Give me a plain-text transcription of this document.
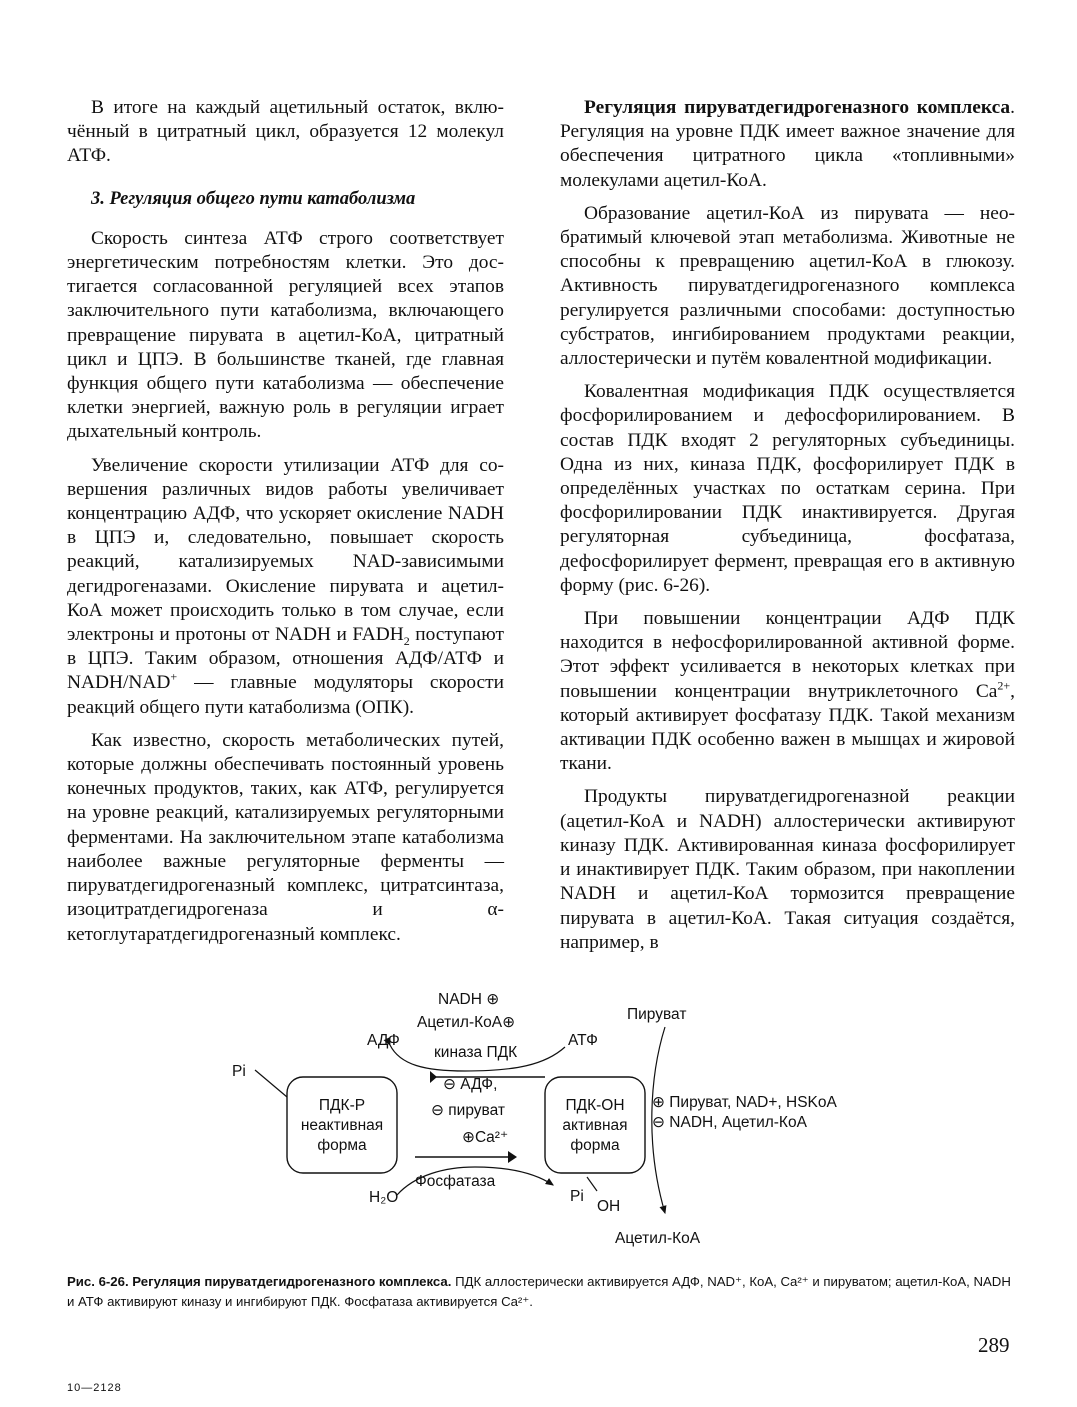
В итоге на каждый ацетильный остаток, включённый в цитратный цикл, образуется 12 молекул АТФ.

3. Регуляция общего пути катаболизма

Скорость синтеза АТФ строго соответствует энергетическим потребностям клетки. Это достигается согласованной регуляцией всех этапов заключительного пути катаболизма, включающего превращение пирувата в ацетил-КоА, цитратный цикл и ЦПЭ. В большинстве тканей, где главная функция общего пути катаболизма — обеспечение клетки энергией, важную роль в регуляции играет дыхательный контроль.

Увеличение скорости утилизации АТФ для совершения различных видов работы увеличивает концентрацию АДФ, что ускоряет окисление NADH в ЦПЭ и, следовательно, повышает скорость реакций, катализируемых NAD-зависимыми дегидрогеназами. Окисление пирувата и ацетил-КоА может происходить только в том случае, если электроны и протоны от NADH и $FADH_2$ поступают в ЦПЭ. Таким образом, отношения АДФ/АТФ и NADH/NAD+ — главные модуляторы скорости реакций общего пути катаболизма (ОПК).

Как известно, скорость метаболических путей, которые должны обеспечивать постоянный уровень конечных продуктов, таких, как АТФ, регулируется на уровне реакций, катализируемых регуляторными ферментами. На заключительном этапе катаболизма наиболее важные регуляторные ферменты — пируватдегидрогеназный комплекс, цитратсинтаза, изоцитратдегидрогеназа и α-кетоглутаратдегидрогеназный комплекс.

Регуляция пируватдегидрогеназного комплекса. Регуляция на уровне ПДК имеет важное значение для обеспечения цитратного цикла «топливными» молекулами ацетил-КоА.

Образование ацетил-КоА из пирувата — необратимый ключевой этап метаболизма. Животные не способны к превращению ацетил-КоА в глюкозу. Активность пируватдегидрогеназного комплекса регулируется различными способами: доступностью субстратов, ингибированием продуктами реакции, аллостерически и путём ковалентной модификации.

Ковалентная модификация ПДК осуществляется фосфорилированием и дефосфорилированием. В состав ПДК входят 2 регуляторных субъединицы. Одна из них, киназа ПДК, фосфорилирует ПДК в определённых участках по остаткам серина. При фосфорилировании ПДК инактивируется. Другая регуляторная субъединица, фосфатаза, дефосфорилирует фермент, превращая его в активную форму (рис. 6-26).

При повышении концентрации АДФ ПДК находится в нефосфорилированной активной форме. Этот эффект усиливается в некоторых клетках при повышении концентрации внутриклеточного $Са^{2+}$, который активирует фосфатазу ПДК. Такой механизм активации ПДК особенно важен в мышцах и жировой ткани.

Продукты пируватдегидрогеназной реакции (ацетил-КоА и NADH) аллостерически активируют киназу ПДК. Активированная киназа фосфорилирует и инактивирует ПДК. Таким образом, при накоплении NADH и ацетил-КоА тормозится превращение пирувата в ацетил-КоА. Такая ситуация создаётся, например, в

NADH ⊕
Ацетил-КоА⊕
АДФ	АТФ
киназа ПДК
Пируват
Pi
ПДК-Р
неактивная
форма
ПДК-ОН
активная
форма
⊖ АДФ,
⊖ пируват
⊕Ca²⁺
⊕ Пируват, NAD+, HSKoA
⊖ NADH, Ацетил-КоА
Фосфатаза
H₂O	Pi
OH
Ацетил-КоА
Рис. 6-26. Регуляция пируватдегидрогеназного комплекса. ПДК аллостерически активируется АДФ, NAD⁺, КоА, Ca²⁺ и пируватом; ацетил-КоА, NADH и АТФ активируют киназу и ингибируют ПДК. Фосфатаза активируется Ca²⁺.
289
10—2128
